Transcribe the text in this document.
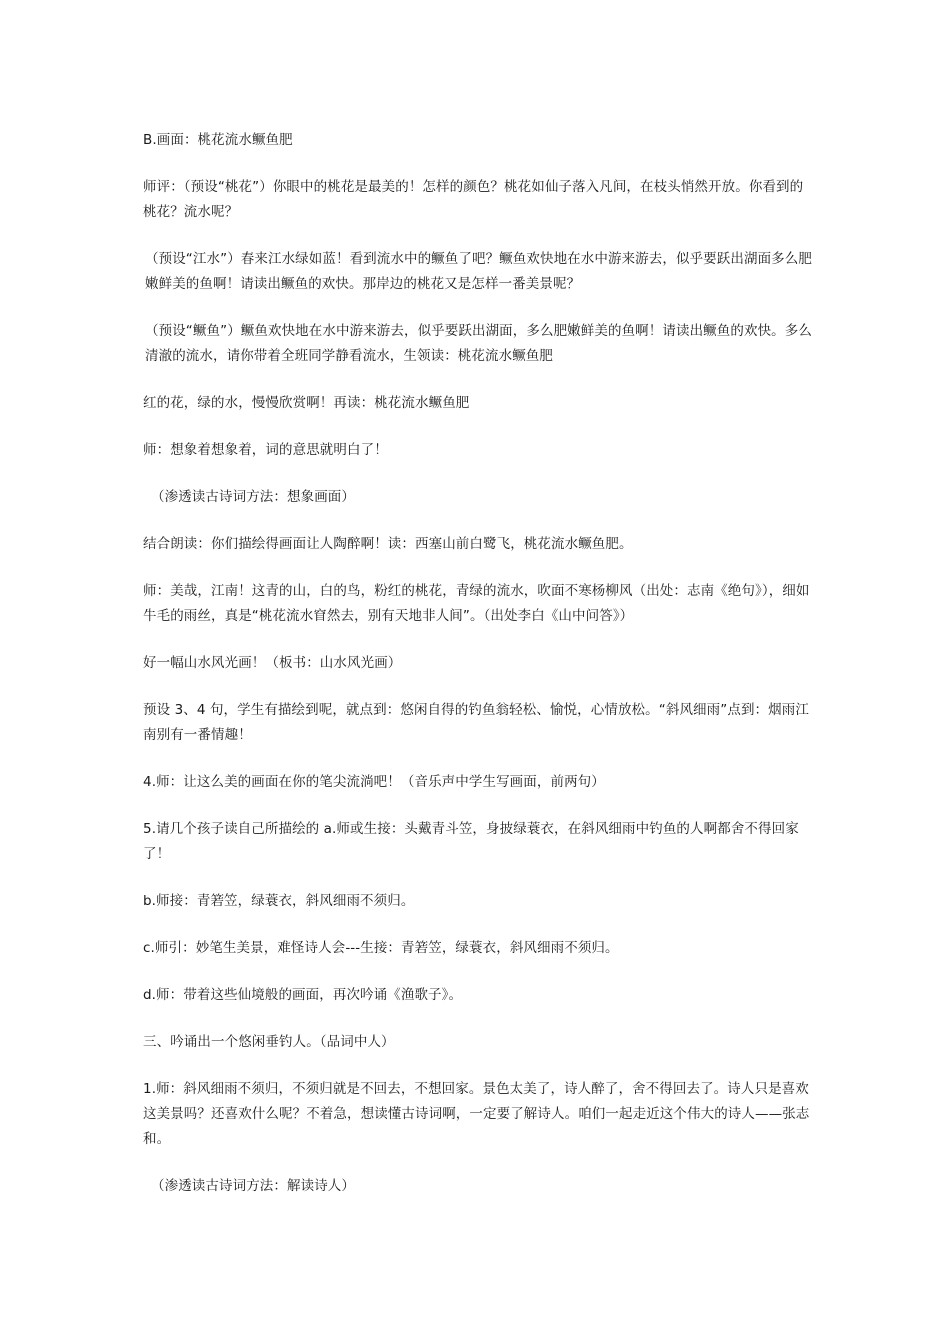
B.画面：桃花流水鳜鱼肥

师评：（预设“桃花”）你眼中的桃花是最美的！怎样的颜色？桃花如仙子落入凡间，在枝头悄然开放。你看到的桃花？流水呢？

（预设“江水”）春来江水绿如蓝！看到流水中的鳜鱼了吧？鳜鱼欢快地在水中游来游去，似乎要跃出湖面多么肥嫩鲜美的鱼啊！请读出鳜鱼的欢快。那岸边的桃花又是怎样一番美景呢？

（预设“鳜鱼”）鳜鱼欢快地在水中游来游去，似乎要跃出湖面，多么肥嫩鲜美的鱼啊！请读出鳜鱼的欢快。多么清澈的流水，请你带着全班同学静看流水，生领读：桃花流水鳜鱼肥

红的花，绿的水，慢慢欣赏啊！再读：桃花流水鳜鱼肥

师：想象着想象着，词的意思就明白了！

（渗透读古诗词方法：想象画面）

结合朗读：你们描绘得画面让人陶醉啊！读：西塞山前白鹭飞，桃花流水鳜鱼肥。

师：美哉，江南！这青的山，白的鸟，粉红的桃花，青绿的流水，吹面不寒杨柳风（出处：志南《绝句》），细如牛毛的雨丝，真是“桃花流水窅然去，别有天地非人间”。（出处李白《山中问答》）

好一幅山水风光画！（板书：山水风光画）

预设 3、4 句，学生有描绘到呢，就点到：悠闲自得的钓鱼翁轻松、愉悦，心情放松。“斜风细雨”点到：烟雨江南别有一番情趣！

4.师：让这么美的画面在你的笔尖流淌吧！（音乐声中学生写画面，前两句）

5.请几个孩子读自己所描绘的 a.师或生接：头戴青斗笠，身披绿蓑衣，在斜风细雨中钓鱼的人啊都舍不得回家了！

b.师接：青箬笠，绿蓑衣，斜风细雨不须归。

c.师引：妙笔生美景，难怪诗人会---生接：青箬笠，绿蓑衣，斜风细雨不须归。

d.师：带着这些仙境般的画面，再次吟诵《渔歌子》。

三、吟诵出一个悠闲垂钓人。（品词中人）

1.师：斜风细雨不须归，不须归就是不回去，不想回家。景色太美了，诗人醉了，舍不得回去了。诗人只是喜欢这美景吗？还喜欢什么呢？不着急，想读懂古诗词啊，一定要了解诗人。咱们一起走近这个伟大的诗人——张志和。

（渗透读古诗词方法：解读诗人）
